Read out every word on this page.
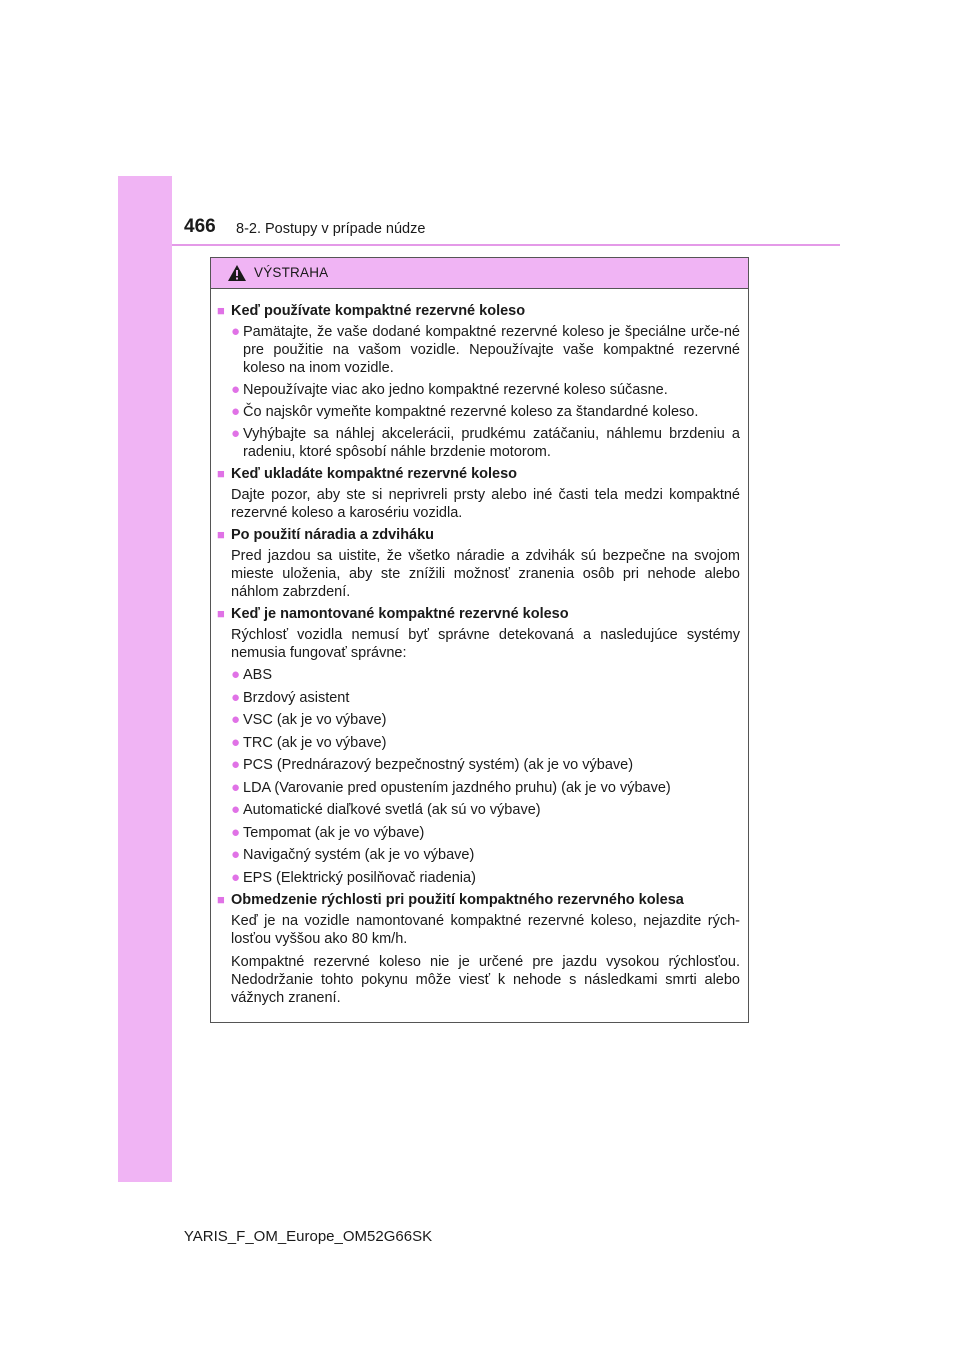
466 8-2. Postupy v prípade núdze
VÝSTRAHA
■ Keď používate kompaktné rezervné koleso
● Pamätajte, že vaše dodané kompaktné rezervné koleso je špeciálne urče-né pre použitie na vašom vozidle. Nepoužívajte vaše kompaktné rezervné koleso na inom vozidle.
● Nepoužívajte viac ako jedno kompaktné rezervné koleso súčasne.
● Čo najskôr vymeňte kompaktné rezervné koleso za štandardné koleso.
● Vyhýbajte sa náhlej akcelerácii, prudkému zatáčaniu, náhlemu brzdeniu a radeniu, ktoré spôsobí náhle brzdenie motorom.
■ Keď ukladáte kompaktné rezervné koleso
Dajte pozor, aby ste si neprivreli prsty alebo iné časti tela medzi kompaktné rezervné koleso a karosériu vozidla.
■ Po použití náradia a zdviháku
Pred jazdou sa uistite, že všetko náradie a zdvihák sú bezpečne na svojom mieste uloženia, aby ste znížili možnosť zranenia osôb pri nehode alebo náhlom zabrzdení.
■ Keď je namontované kompaktné rezervné koleso
Rýchlosť vozidla nemusí byť správne detekovaná a nasledujúce systémy nemusia fungovať správne:
● ABS
● Brzdový asistent
● VSC (ak je vo výbave)
● TRC (ak je vo výbave)
● PCS (Prednárazový bezpečnostný systém) (ak je vo výbave)
● LDA (Varovanie pred opustením jazdného pruhu) (ak je vo výbave)
● Automatické diaľkové svetlá (ak sú vo výbave)
● Tempomat (ak je vo výbave)
● Navigačný systém (ak je vo výbave)
● EPS (Elektrický posilňovač riadenia)
■ Obmedzenie rýchlosti pri použití kompaktného rezervného kolesa
Keď je na vozidle namontované kompaktné rezervné koleso, nejazdite rých-losťou vyššou ako 80 km/h.
Kompaktné rezervné koleso nie je určené pre jazdu vysokou rýchlosťou. Nedodržanie tohto pokynu môže viesť k nehode s následkami smrti alebo vážnych zranení.
YARIS_F_OM_Europe_OM52G66SK
